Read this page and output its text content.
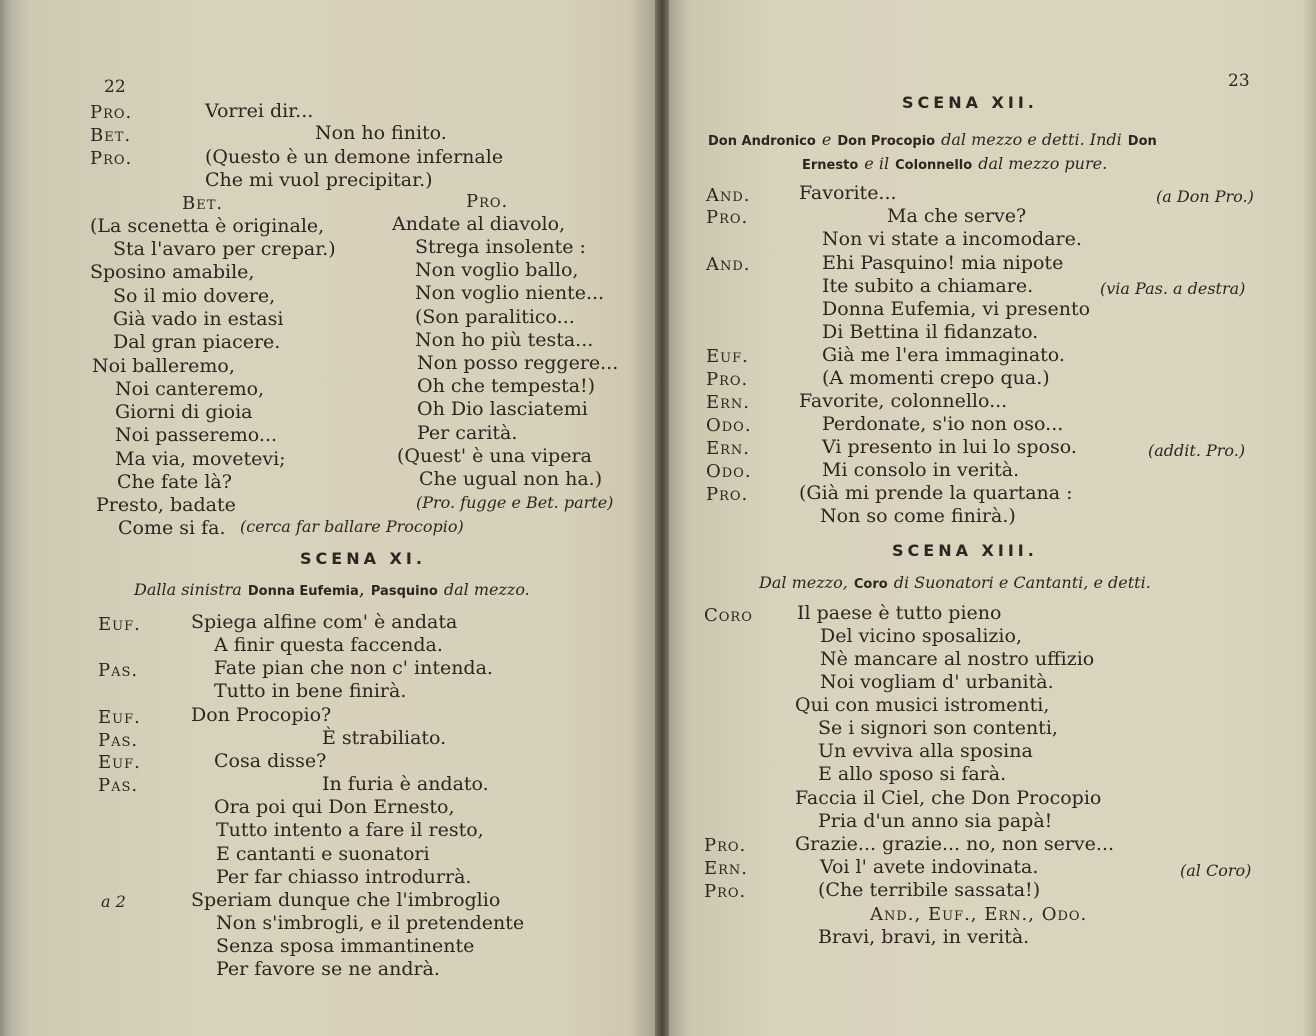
22
Pro.	Vorrei dir...
Bet.	Non ho finito.
Pro.	(Questo è un demone infernale
Che mi vuol precipitar.)
Bet.	Pro.
(La scenetta è originale,	Andate al diavolo,
Sta l'avaro per crepar.)	Strega insolente :
Sposino amabile,	Non voglio ballo,
So il mio dovere,	Non voglio niente...
Già vado in estasi	(Son paralitico...
Dal gran piacere.	Non ho più testa...
Noi balleremo,	Non posso reggere...
Noi canteremo,	Oh che tempesta!)
Giorni di gioia	Oh Dio lasciatemi
Noi passeremo...	Per carità.
Ma via, movetevi;	(Quest' è una vipera
Che fate là?	Che ugual non ha.)
Presto, badate	(Pro. fugge e Bet. parte)
Come si fa. (cerca far ballare Procopio)
SCENA XI.
Dalla sinistra Donna Eufemia, Pasquino dal mezzo.
Euf.	Spiega alfine com' è andata
A finir questa faccenda.
Pas.	Fate pian che non c' intenda.
Tutto in bene finirà.
Euf.	Don Procopio?
Pas.	È strabiliato.
Euf.	Cosa disse?
Pas.	In furia è andato.
Ora poi qui Don Ernesto,
Tutto intento a fare il resto,
E cantanti e suonatori
Per far chiasso introdurrà.
a 2	Speriam dunque che l'imbroglio
Non s'imbrogli, e il pretendente
Senza sposa immantinente
Per favore se ne andrà.
23
SCENA XII.
Don Andronico e Don Procopio dal mezzo e detti. Indi Don
Ernesto e il Colonnello dal mezzo pure.
And.	Favorite...	(a Don Pro.)
Pro.	Ma che serve?
Non vi state a incomodare.
And.	Ehi Pasquino! mia nipote
Ite subito a chiamare.	(via Pas. a destra)
Donna Eufemia, vi presento
Di Bettina il fidanzato.
Euf.	Già me l'era immaginato.
Pro.	(A momenti crepo qua.)
Ern.	Favorite, colonnello...
Odo.	Perdonate, s'io non oso...
Ern.	Vi presento in lui lo sposo.	(addit. Pro.)
Odo.	Mi consolo in verità.
Pro.	(Già mi prende la quartana :
Non so come finirà.)
SCENA XIII.
Dal mezzo, Coro di Suonatori e Cantanti, e detti.
Coro Il paese è tutto pieno
Del vicino sposalizio,
Nè mancare al nostro uffizio
Noi vogliam d' urbanità.
Qui con musici istromenti,
Se i signori son contenti,
Un evviva alla sposina
E allo sposo si farà.
Faccia il Ciel, che Don Procopio
Pria d'un anno sia papà!
Pro.	Grazie... grazie... no, non serve...
Ern.	Voi l' avete indovinata.	(al Coro)
Pro.	(Che terribile sassata!)
And., Euf., Ern., Odo.
Bravi, bravi, in verità.
